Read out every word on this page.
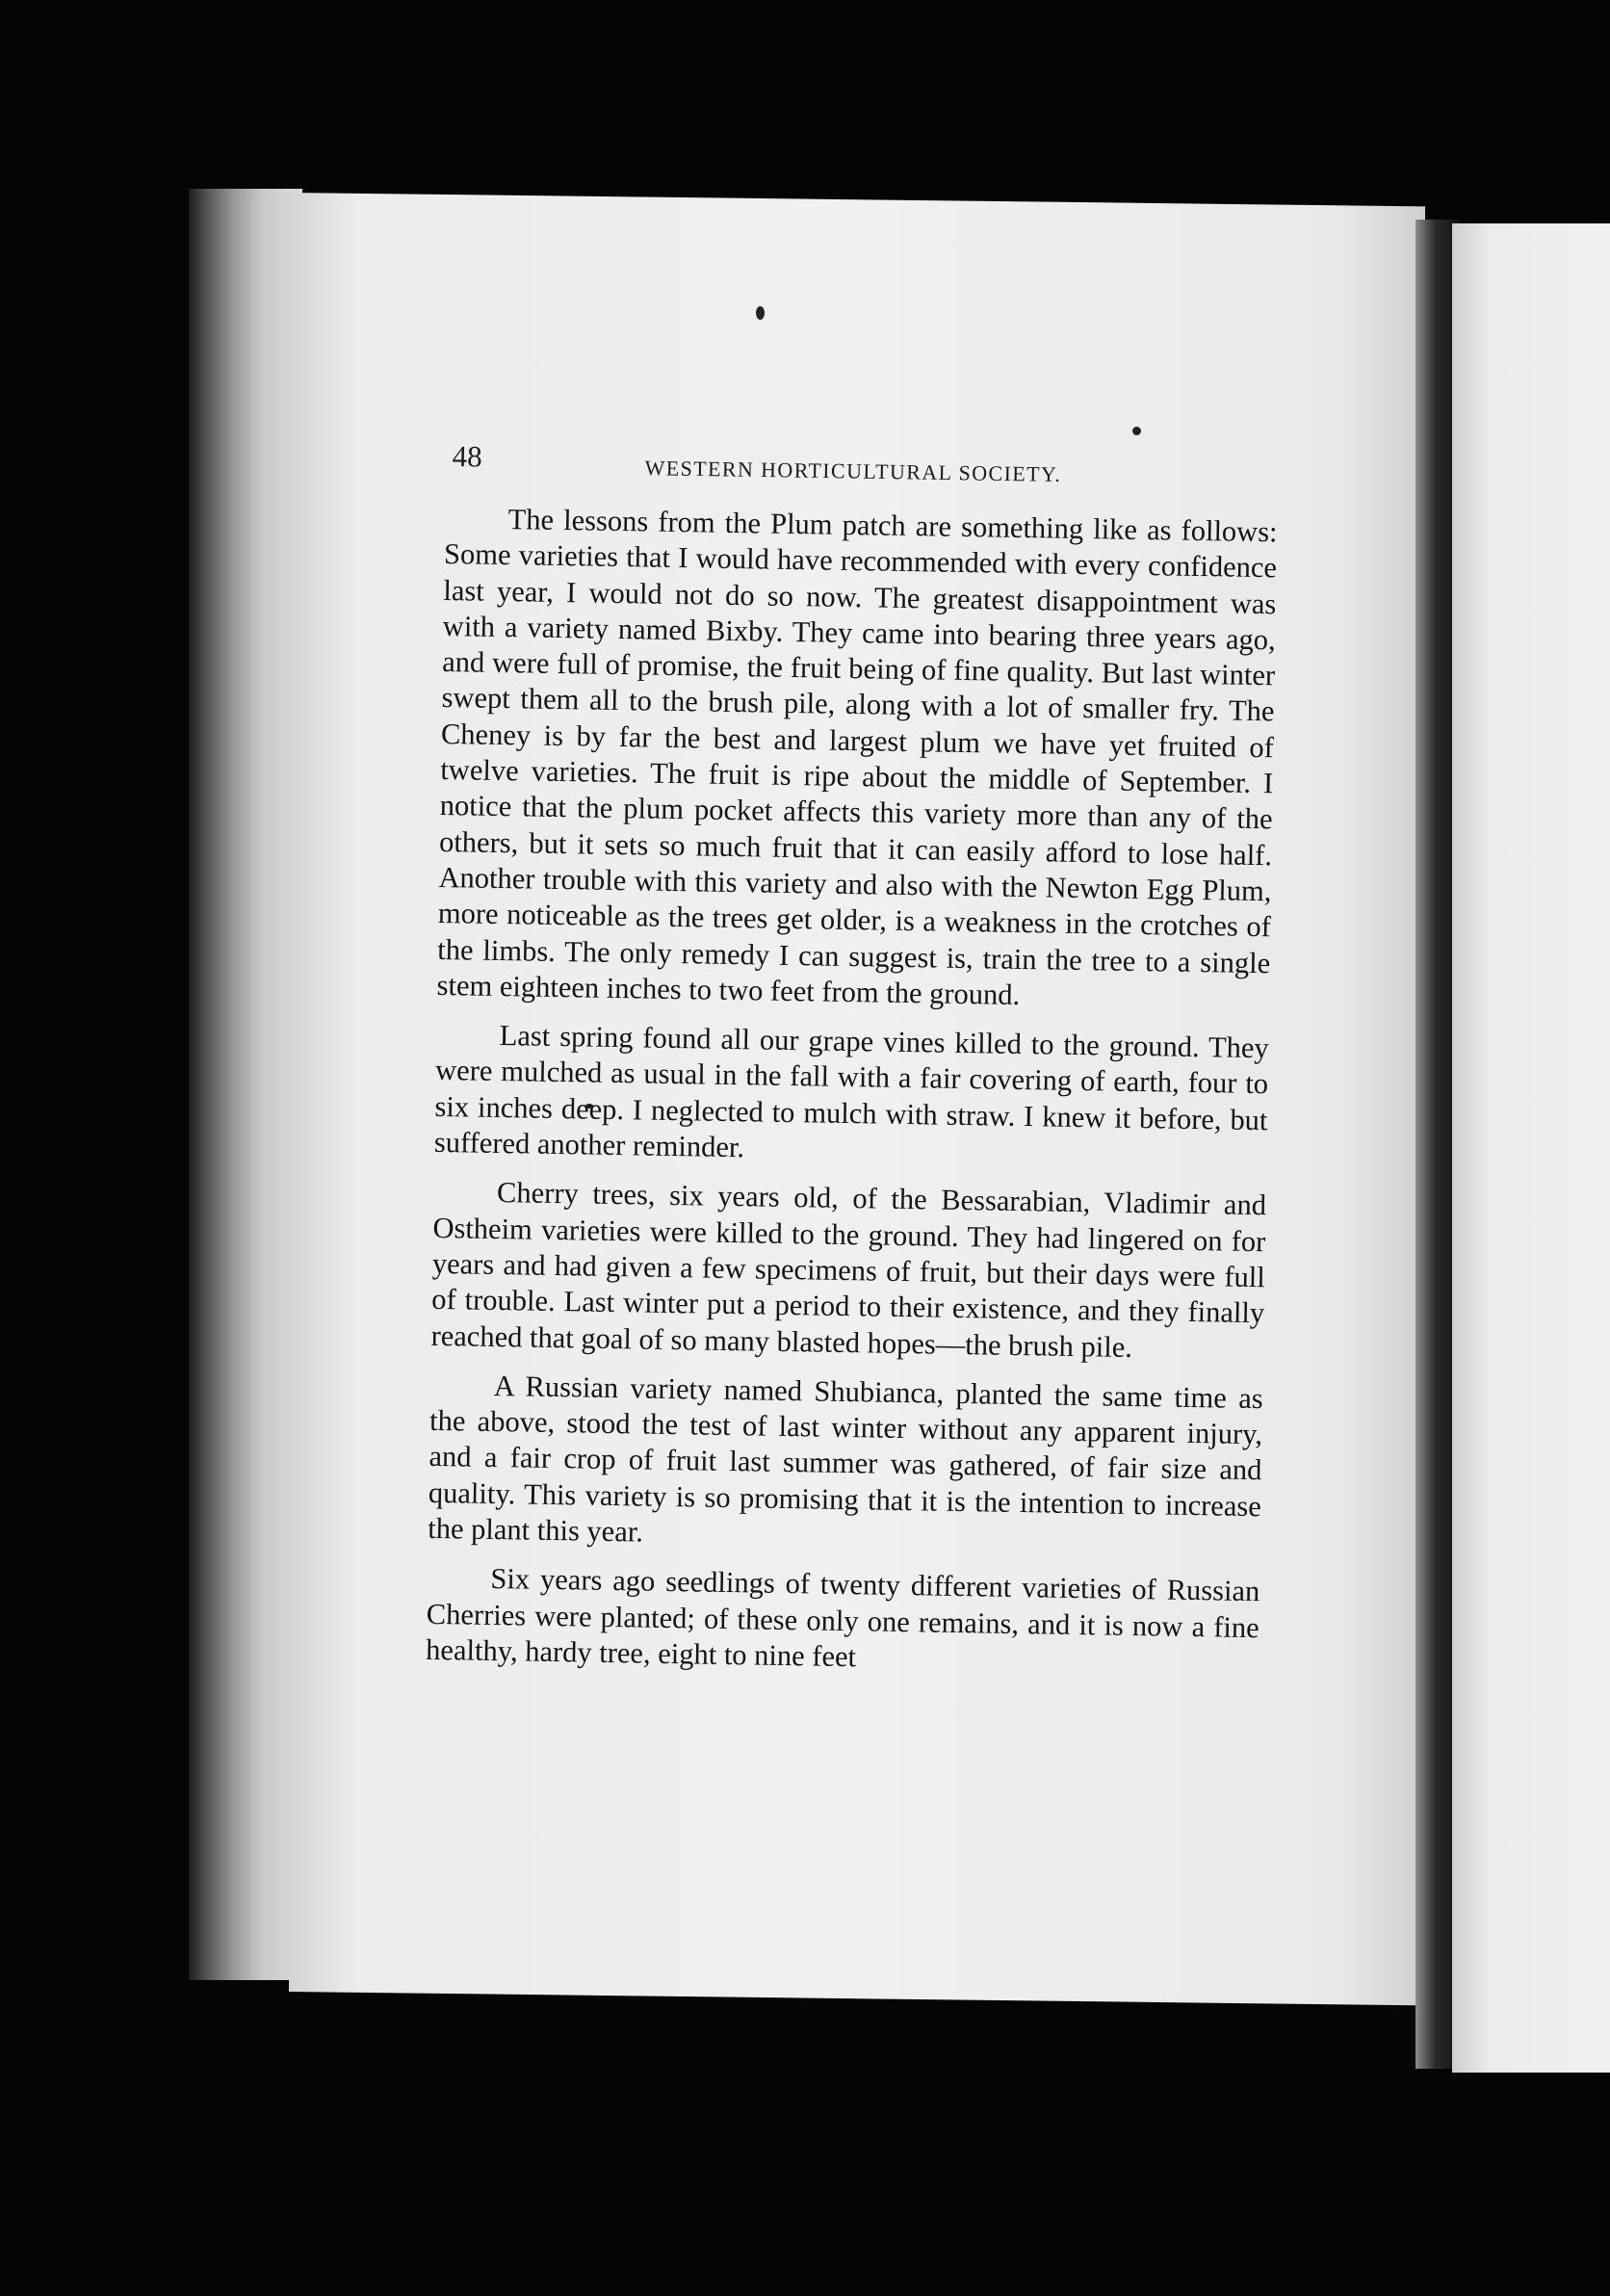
48	WESTERN HORTICULTURAL SOCIETY.

The lessons from the Plum patch are something like as follows: Some varieties that I would have recommended with every confidence last year, I would not do so now. The greatest disappointment was with a variety named Bixby. They came into bearing three years ago, and were full of promise, the fruit being of fine quality. But last winter swept them all to the brush pile, along with a lot of smaller fry. The Cheney is by far the best and largest plum we have yet fruited of twelve varieties. The fruit is ripe about the middle of September. I notice that the plum pocket affects this variety more than any of the others, but it sets so much fruit that it can easily afford to lose half. Another trouble with this variety and also with the Newton Egg Plum, more noticeable as the trees get older, is a weakness in the crotches of the limbs. The only remedy I can suggest is, train the tree to a single stem eighteen inches to two feet from the ground.

Last spring found all our grape vines killed to the ground. They were mulched as usual in the fall with a fair covering of earth, four to six inches deep. I neglected to mulch with straw. I knew it before, but suffered another reminder.

Cherry trees, six years old, of the Bessarabian, Vladimir and Ostheim varieties were killed to the ground. They had lingered on for years and had given a few specimens of fruit, but their days were full of trouble. Last winter put a period to their existence, and they finally reached that goal of so many blasted hopes—the brush pile.

A Russian variety named Shubianca, planted the same time as the above, stood the test of last winter without any apparent injury, and a fair crop of fruit last summer was gathered, of fair size and quality. This variety is so promising that it is the intention to increase the plant this year.

Six years ago seedlings of twenty different varieties of Russian Cherries were planted; of these only one remains, and it is now a fine healthy, hardy tree, eight to nine feet
